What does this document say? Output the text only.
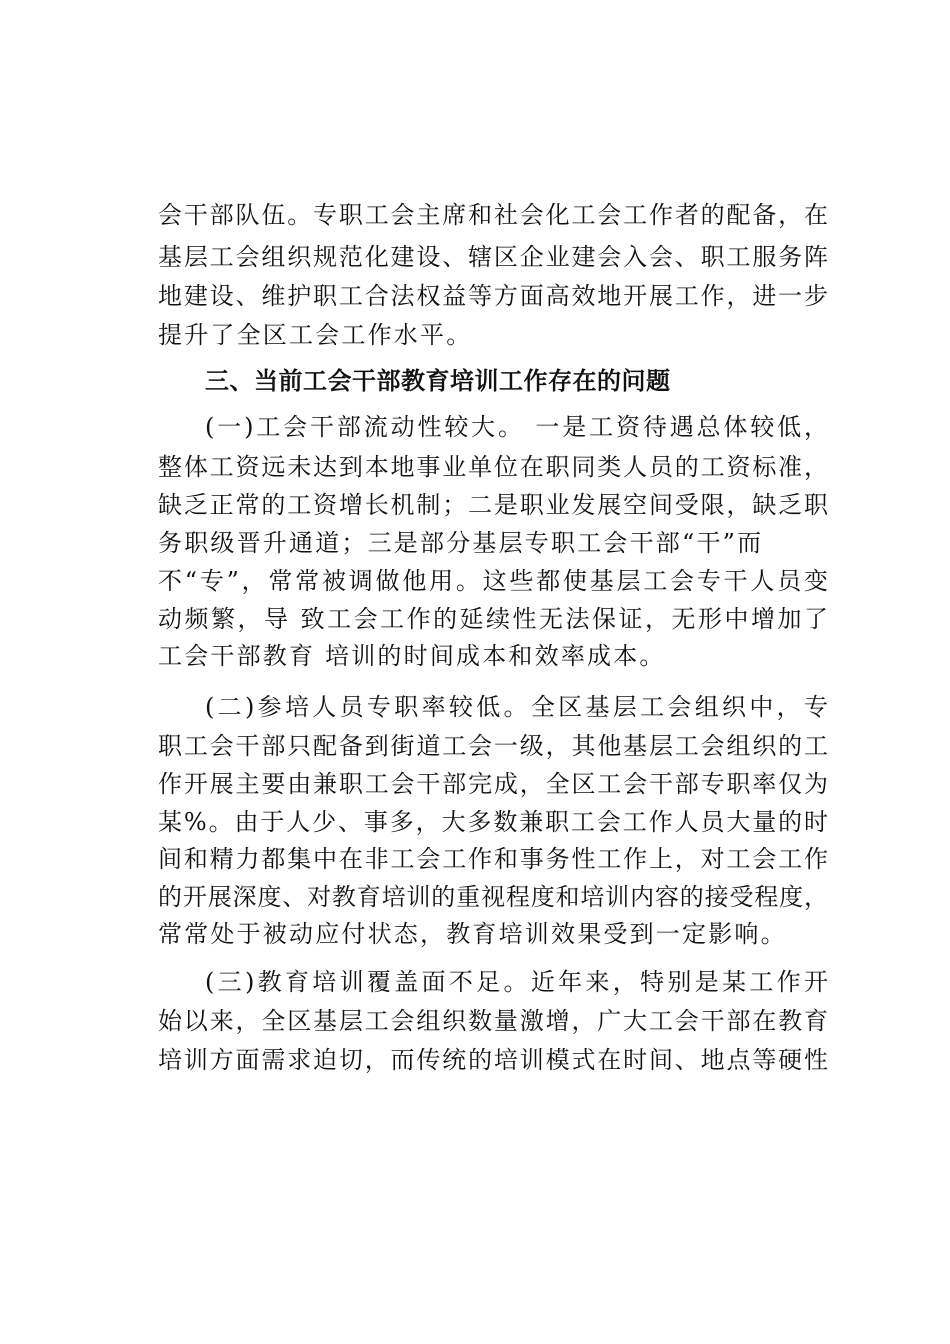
会干部队伍。专职工会主席和社会化工会工作者的配备，在
基层工会组织规范化建设、辖区企业建会入会、职工服务阵
地建设、维护职工合法权益等方面高效地开展工作，进一步
提升了全区工会工作水平。
三、当前工会干部教育培训工作存在的问题
(一)工会干部流动性较大。 一是工资待遇总体较低，
整体工资远未达到本地事业单位在职同类人员的工资标准，
缺乏正常的工资增长机制；二是职业发展空间受限，缺乏职
务职级晋升通道；三是部分基层专职工会干部“干”而
不“专”，常常被调做他用。这些都使基层工会专干人员变
动频繁，导 致工会工作的延续性无法保证，无形中增加了
工会干部教育 培训的时间成本和效率成本。
(二)参培人员专职率较低。全区基层工会组织中，专
职工会干部只配备到街道工会一级，其他基层工会组织的工
作开展主要由兼职工会干部完成，全区工会干部专职率仅为
某%。由于人少、事多，大多数兼职工会工作人员大量的时
间和精力都集中在非工会工作和事务性工作上，对工会工作
的开展深度、对教育培训的重视程度和培训内容的接受程度，
常常处于被动应付状态，教育培训效果受到一定影响。
(三)教育培训覆盖面不足。近年来，特别是某工作开
始以来，全区基层工会组织数量激增，广大工会干部在教育
培训方面需求迫切，而传统的培训模式在时间、地点等硬性
